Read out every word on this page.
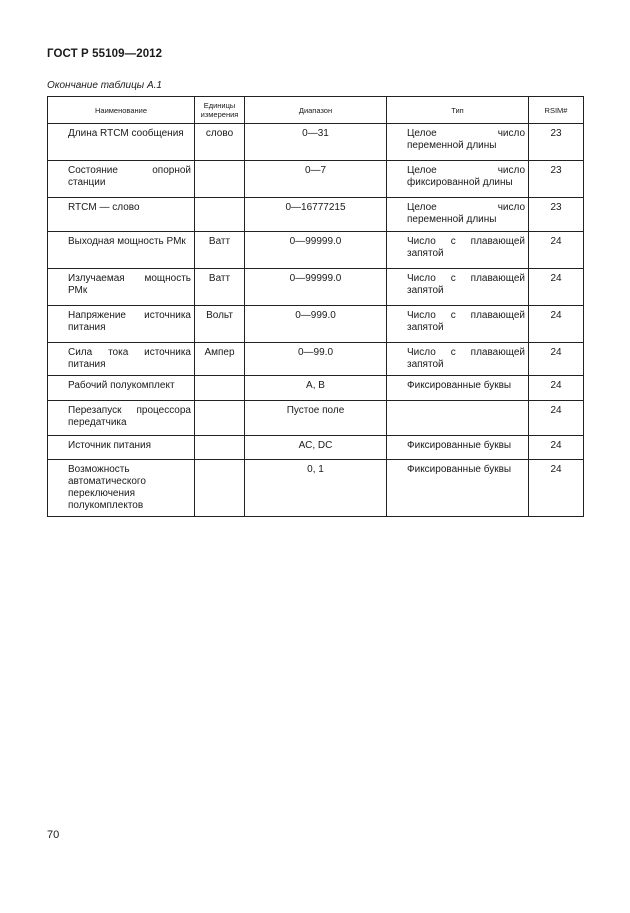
ГОСТ Р 55109—2012
Окончание таблицы А.1
Наименование	Единицы измерения	Диапазон	Тип	RSIM#
Длина RTCM сообщения	слово	0—31	Целое число переменной длины	23
Состояние опорной станции		0—7	Целое число фиксированной длины	23
RTCM — слово		0—16777215	Целое число переменной длины	23
Выходная мощность РМк	Ватт	0—99999.0	Число с плавающей запятой	24
Излучаемая мощность РМк	Ватт	0—99999.0	Число с плавающей запятой	24
Напряжение источника питания	Вольт	0—999.0	Число с плавающей запятой	24
Сила тока источника питания	Ампер	0—99.0	Число с плавающей запятой	24
Рабочий полукомплект		А, В	Фиксированные буквы	24
Перезапуск процессора передатчика		Пустое поле		24
Источник питания		АС, DC	Фиксированные буквы	24
Возможность автоматического переключения полукомплектов		0, 1	Фиксированные буквы	24
70
